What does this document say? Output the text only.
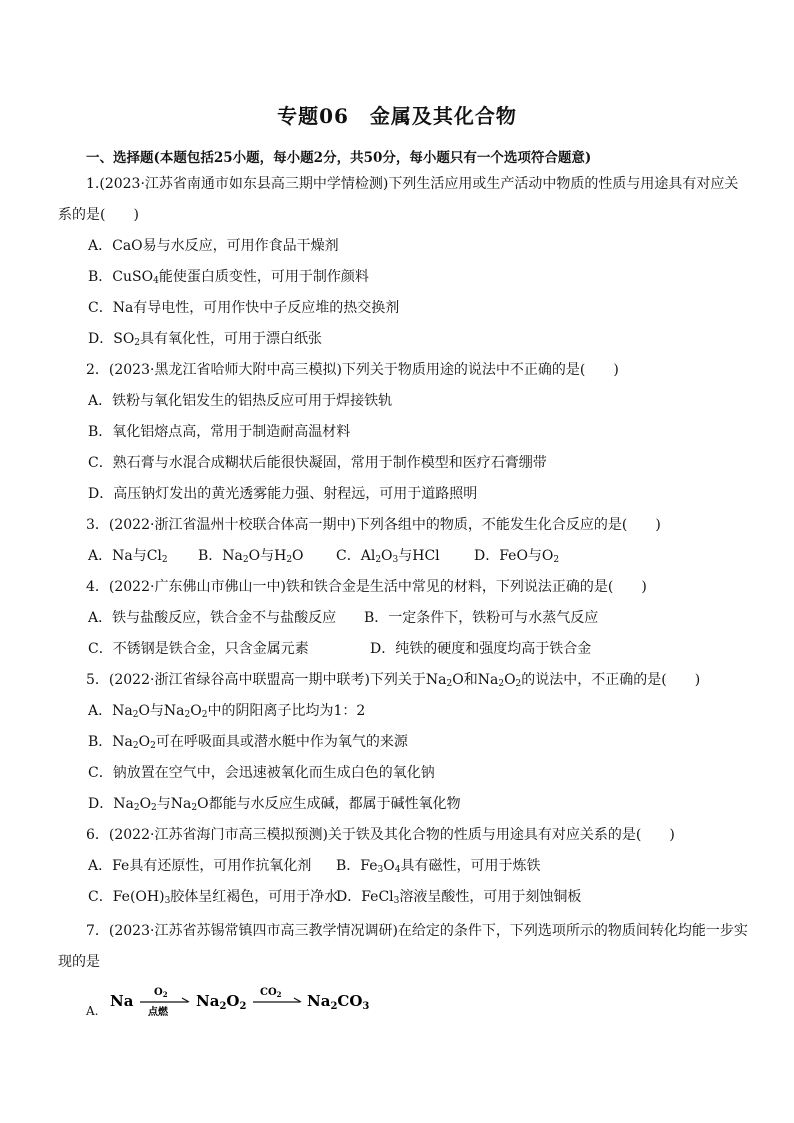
专题06　金属及其化合物
一、选择题(本题包括25小题，每小题2分，共50分，每小题只有一个选项符合题意)
1.(2023·江苏省南通市如东县高三期中学情检测)下列生活应用或生产活动中物质的性质与用途具有对应关
系的是(　　)
A．CaO易与水反应，可用作食品干燥剂
B．CuSO$_4$能使蛋白质变性，可用于制作颜料
C．Na有导电性，可用作快中子反应堆的热交换剂
D．$SO_2$具有氧化性，可用于漂白纸张
2．(2023·黑龙江省哈师大附中高三模拟)下列关于物质用途的说法中不正确的是(　　)
A．铁粉与氧化铝发生的铝热反应可用于焊接铁轨
B．氧化铝熔点高，常用于制造耐高温材料
C．熟石膏与水混合成糊状后能很快凝固，常用于制作模型和医疗石膏绷带
D．高压钠灯发出的黄光透雾能力强、射程远，可用于道路照明
3．(2022·浙江省温州十校联合体高一期中)下列各组中的物质，不能发生化合反应的是(　　)
A．Na与$Cl_2$ B．$Na_2O$与$H_2O$ C．$Al_2O_3$与HCl D．FeO与$O_2$
4．(2022·广东佛山市佛山一中)铁和铁合金是生活中常见的材料，下列说法正确的是(　　)
A．铁与盐酸反应，铁合金不与盐酸反应 B．一定条件下，铁粉可与水蒸气反应
C．不锈钢是铁合金，只含金属元素	D．纯铁的硬度和强度均高于铁合金
5．(2022·浙江省绿谷高中联盟高一期中联考)下列关于$Na_2O$和$Na_2O_2$的说法中，不正确的是(　　)
A．$Na_2O$与$Na_2O_2$中的阴阳离子比均为1：2
B．$Na_2O_2$可在呼吸面具或潜水艇中作为氧气的来源
C．钠放置在空气中，会迅速被氧化而生成白色的氧化钠
D．$Na_2O_2$与$Na_2O$都能与水反应生成碱，都属于碱性氧化物
6．(2022·江苏省海门市高三模拟预测)关于铁及其化合物的性质与用途具有对应关系的是(　　)
A．Fe具有还原性，可用作抗氧化剂 B．$Fe_3O_4$具有磁性，可用于炼铁
C．$Fe(OH)_3$胶体呈红褐色，可用于净水
D．FeCl$_3$溶液呈酸性，可用于刻蚀铜板
7．(2023·江苏省苏锡常镇四市高三教学情况调研)在给定的条件下，下列选项所示的物质间转化均能一步实
现的是
A.
Na $O_2$
点燃
$Na_2O_2$
$CO_2$ $Na_2CO_3$
